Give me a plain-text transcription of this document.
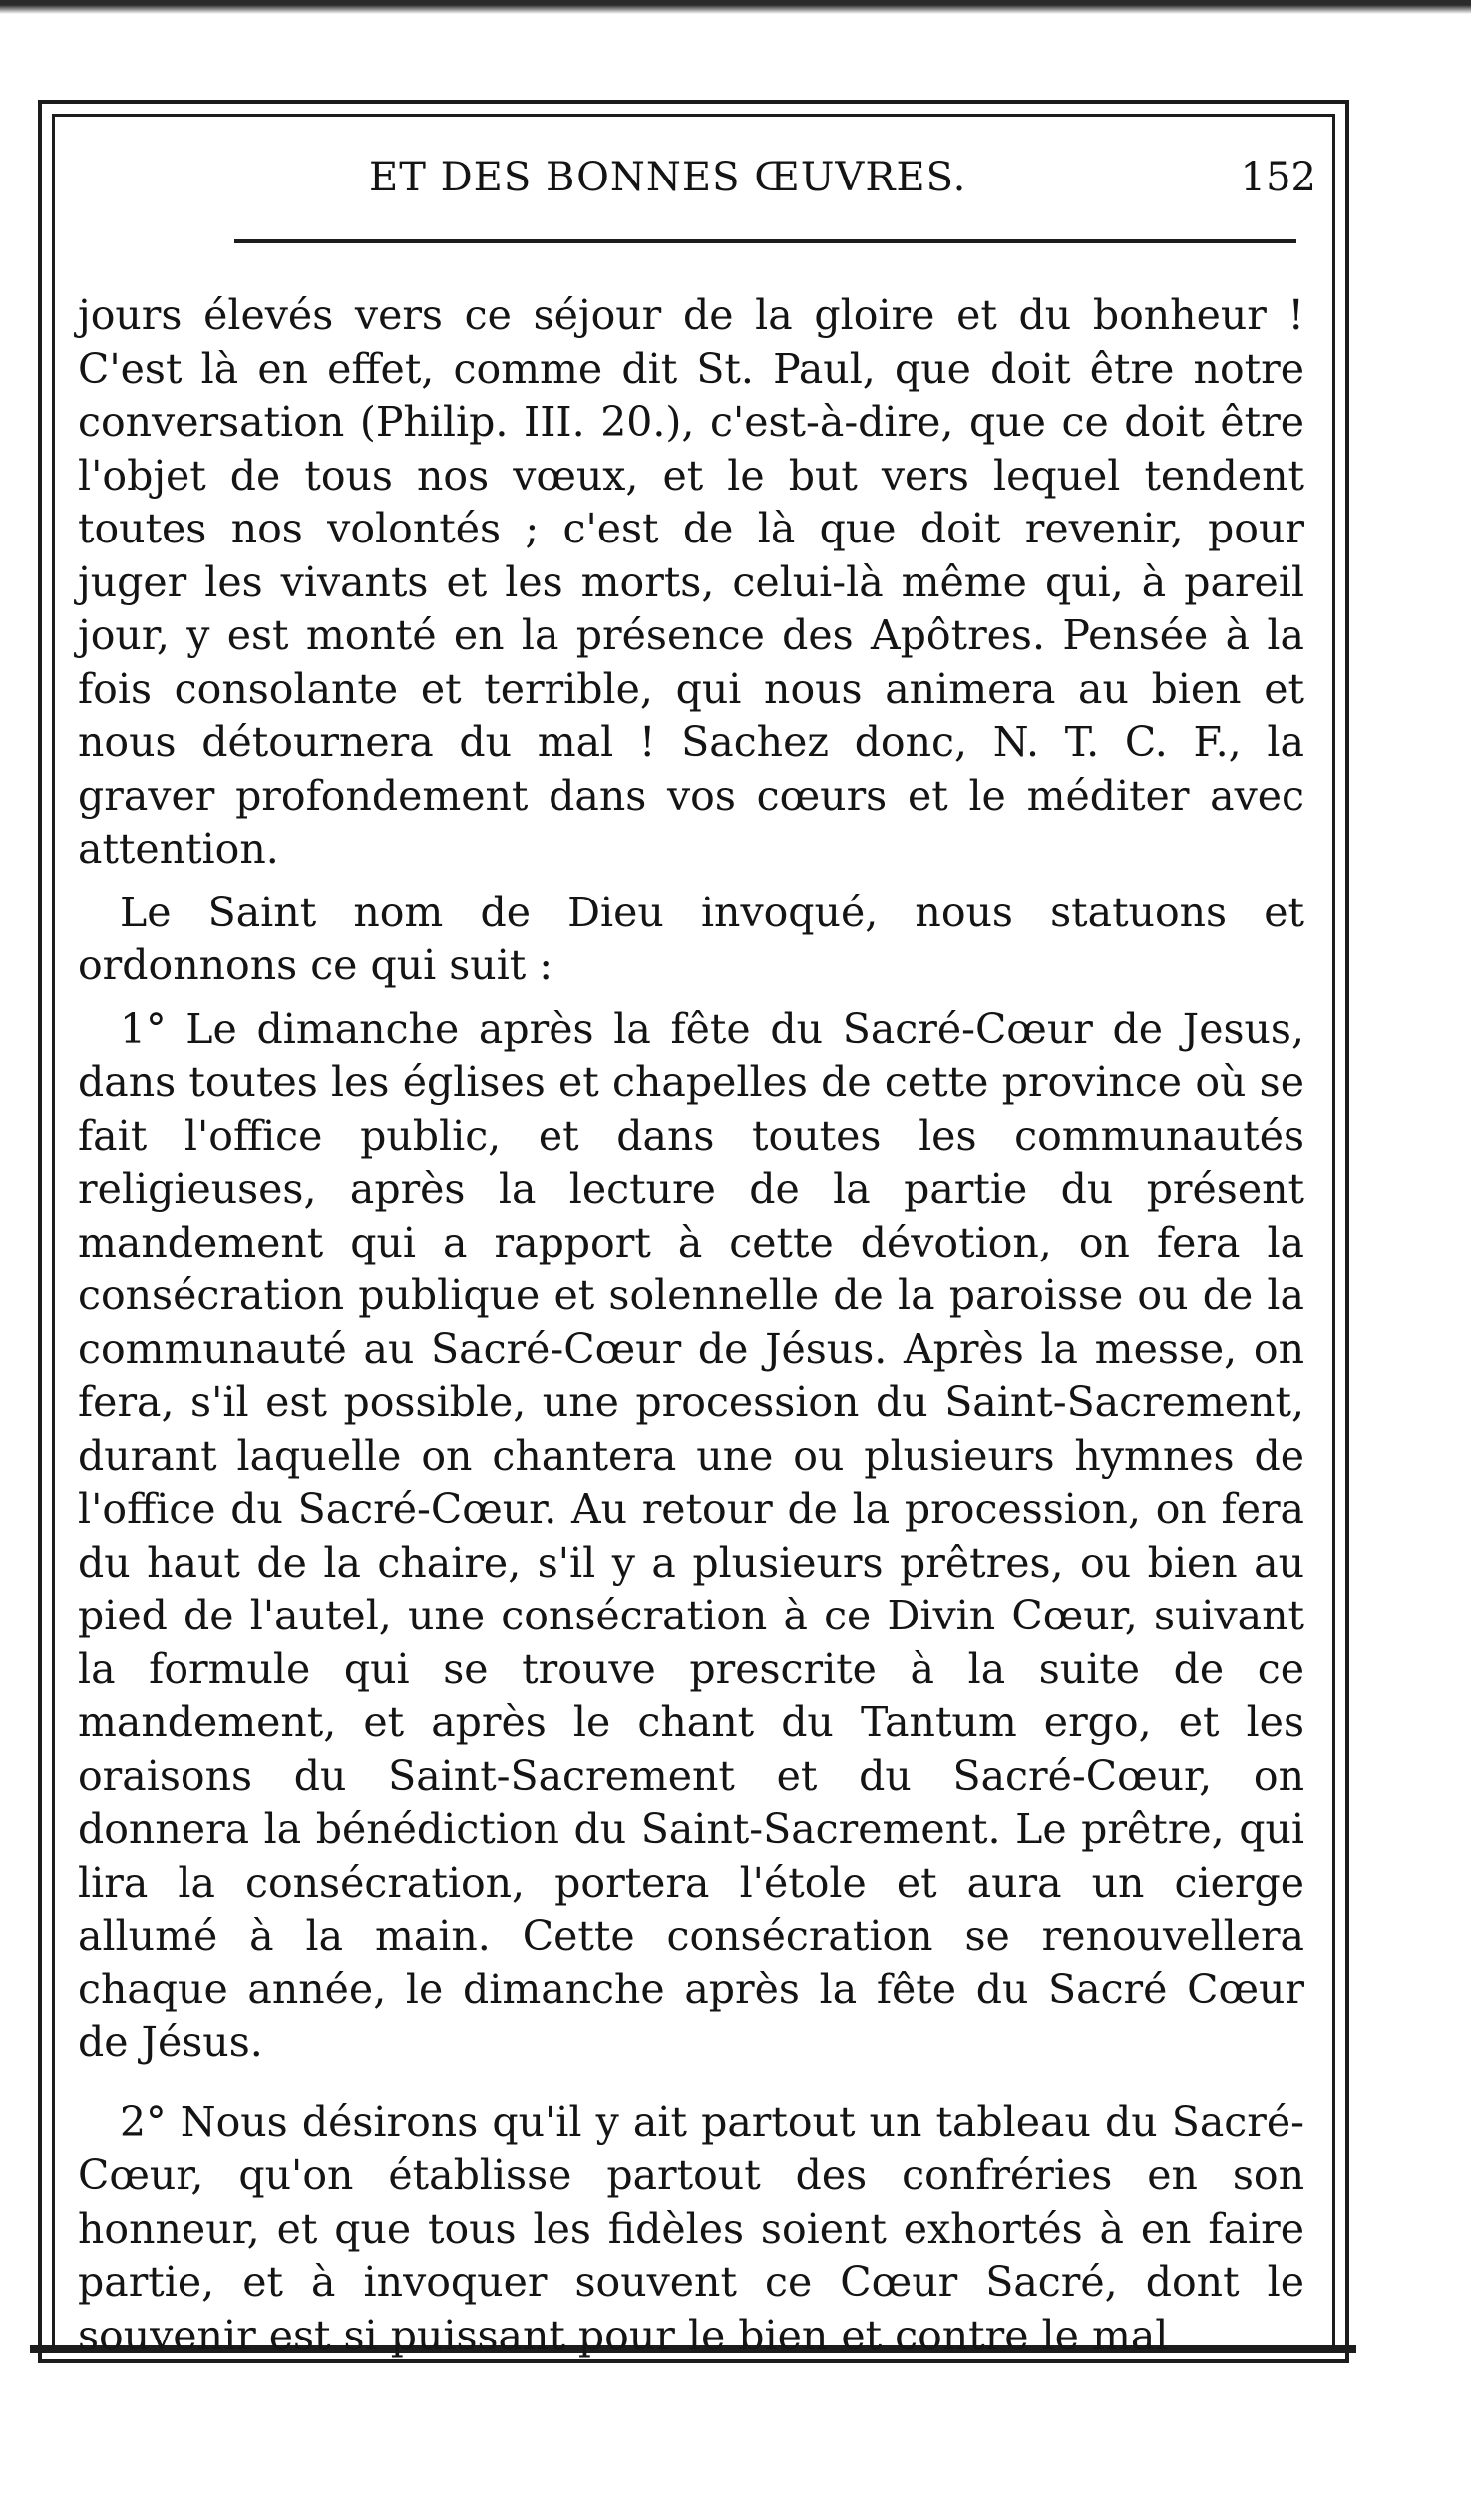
ET DES BONNES ŒUVRES.	152

jours élevés vers ce séjour de la gloire et du bonheur ! C'est là en effet, comme dit St. Paul, que doit être notre conversation (Philip. III. 20.), c'est-à-dire, que ce doit être l'objet de tous nos vœux, et le but vers lequel tendent toutes nos volontés ; c'est de là que doit revenir, pour juger les vivants et les morts, celui-là même qui, à pareil jour, y est monté en la présence des Apôtres. Pensée à la fois consolante et terrible, qui nous animera au bien et nous détournera du mal ! Sachez donc, N. T. C. F., la graver profondement dans vos cœurs et le méditer avec attention.

Le Saint nom de Dieu invoqué, nous statuons et ordonnons ce qui suit :

1° Le dimanche après la fête du Sacré-Cœur de Jesus, dans toutes les églises et chapelles de cette province où se fait l'office public, et dans toutes les communautés religieuses, après la lecture de la partie du présent mandement qui a rapport à cette dévotion, on fera la consécration publique et solennelle de la paroisse ou de la communauté au Sacré-Cœur de Jésus. Après la messe, on fera, s'il est possible, une procession du Saint-Sacrement, durant laquelle on chantera une ou plusieurs hymnes de l'office du Sacré-Cœur. Au retour de la procession, on fera du haut de la chaire, s'il y a plusieurs prêtres, ou bien au pied de l'autel, une consécration à ce Divin Cœur, suivant la formule qui se trouve prescrite à la suite de ce mandement, et après le chant du Tantum ergo, et les oraisons du Saint-Sacrement et du Sacré-Cœur, on donnera la bénédiction du Saint-Sacrement. Le prêtre, qui lira la consécration, portera l'étole et aura un cierge allumé à la main. Cette consécration se renouvellera chaque année, le dimanche après la fête du Sacré Cœur de Jésus.

2° Nous désirons qu'il y ait partout un tableau du Sacré-Cœur, qu'on établisse partout des confréries en son honneur, et que tous les fidèles soient exhortés à en faire partie, et à invoquer souvent ce Cœur Sacré, dont le souvenir est si puissant pour le bien et contre le mal
